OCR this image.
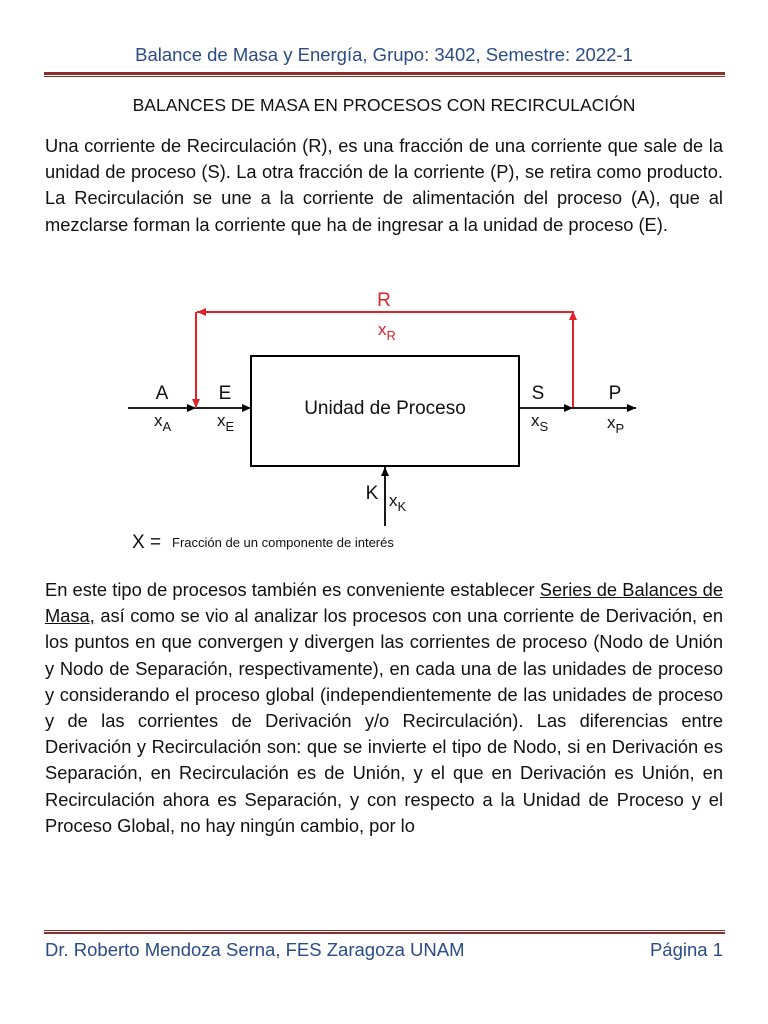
Balance de Masa y Energía, Grupo: 3402, Semestre: 2022-1
BALANCES DE MASA EN PROCESOS CON RECIRCULACIÓN

Una corriente de Recirculación (R), es una fracción de una corriente que sale de la unidad de proceso (S). La otra fracción de la corriente (P), se retira como producto. La Recirculación se une a la corriente de alimentación del proceso (A), que al mezclarse forman la corriente que ha de ingresar a la unidad de proceso (E).

Unidad de Proceso
R
$x_R$
A
$x_A$
E
$x_E$
S
$x_S$
P
$x_P$
K $x_K$
X = Fracción de un componente de interés

En este tipo de procesos también es conveniente establecer Series de Balances de Masa, así como se vio al analizar los procesos con una corriente de Derivación, en los puntos en que convergen y divergen las corrientes de proceso (Nodo de Unión y Nodo de Separación, respectivamente), en cada una de las unidades de proceso y considerando el proceso global (independientemente de las unidades de proceso y de las corrientes de Derivación y/o Recirculación). Las diferencias entre Derivación y Recirculación son: que se invierte el tipo de Nodo, si en Derivación es Separación, en Recirculación es de Unión, y el que en Derivación es Unión, en Recirculación ahora es Separación, y con respecto a la Unidad de Proceso y el Proceso Global, no hay ningún cambio, por lo

Dr. Roberto Mendoza Serna, FES Zaragoza UNAM	Página 1
